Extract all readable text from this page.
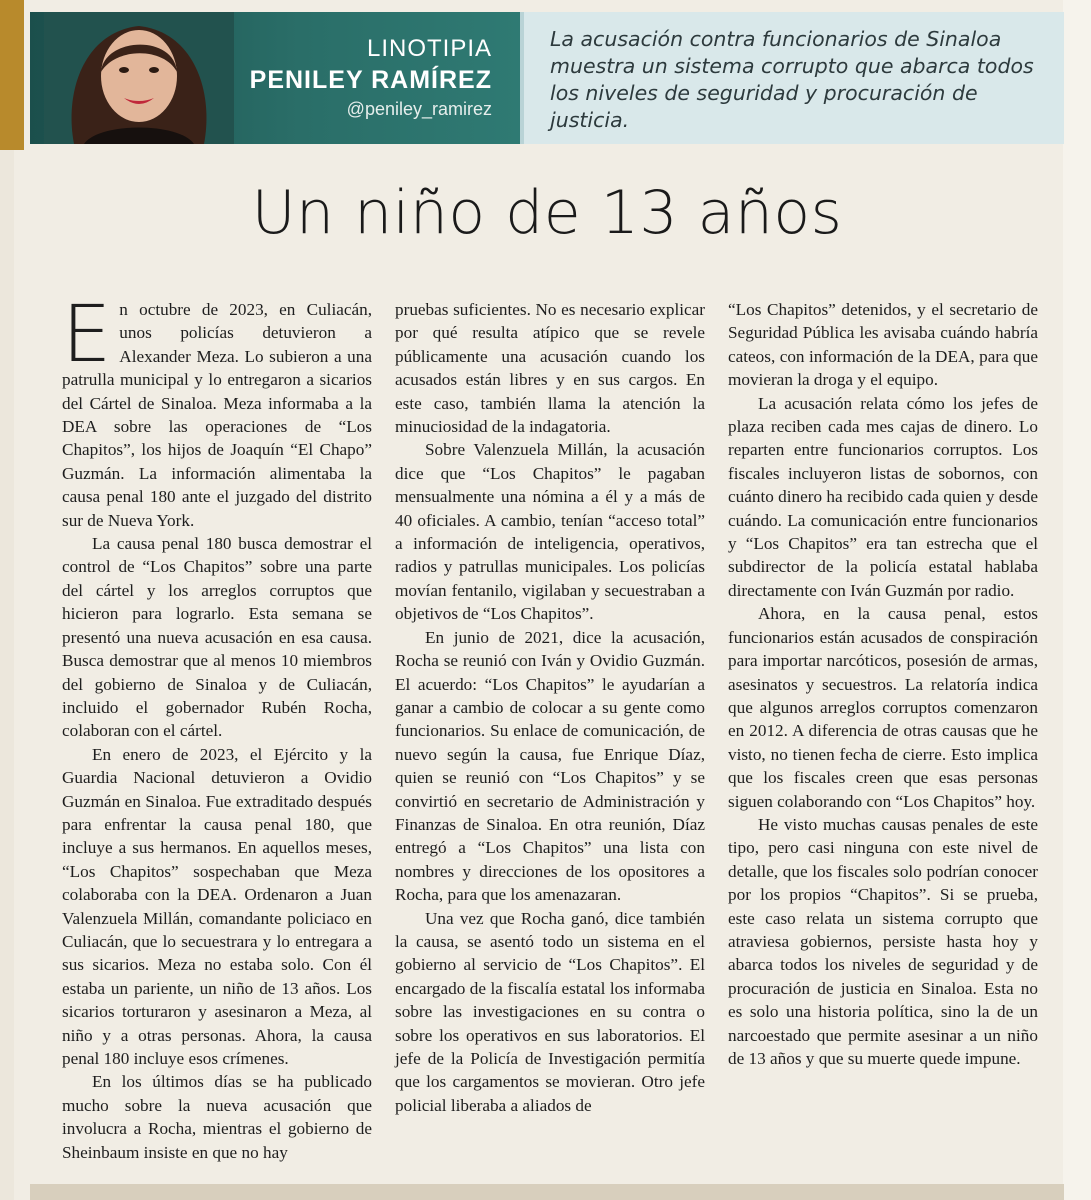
LINOTIPIA
PENILEY RAMÍREZ
@peniley_ramirez
La acusación contra funcionarios de Sinaloa muestra un sistema corrupto que abarca todos los niveles de seguridad y procuración de justicia.
Un niño de 13 años

En octubre de 2023, en Culiacán, unos policías detuvieron a Alexander Meza. Lo subieron a una patrulla municipal y lo entregaron a sicarios del Cártel de Sinaloa. Meza informaba a la DEA sobre las operaciones de “Los Chapitos”, los hijos de Joaquín “El Chapo” Guzmán. La información alimentaba la causa penal 180 ante el juzgado del distrito sur de Nueva York.

La causa penal 180 busca demostrar el control de “Los Chapitos” sobre una parte del cártel y los arreglos corruptos que hicieron para lograrlo. Esta semana se presentó una nueva acusación en esa causa. Busca demostrar que al menos 10 miembros del gobierno de Sinaloa y de Culiacán, incluido el gobernador Rubén Rocha, colaboran con el cártel.

En enero de 2023, el Ejército y la Guardia Nacional detuvieron a Ovidio Guzmán en Sinaloa. Fue extraditado después para enfrentar la causa penal 180, que incluye a sus hermanos. En aquellos meses, “Los Chapitos” sospechaban que Meza colaboraba con la DEA. Ordenaron a Juan Valenzuela Millán, comandante policiaco en Culiacán, que lo secuestrara y lo entregara a sus sicarios. Meza no estaba solo. Con él estaba un pariente, un niño de 13 años. Los sicarios torturaron y asesinaron a Meza, al niño y a otras personas. Ahora, la causa penal 180 incluye esos crímenes.

En los últimos días se ha publicado mucho sobre la nueva acusación que involucra a Rocha, mientras el gobierno de Sheinbaum insiste en que no hay

pruebas suficientes. No es necesario explicar por qué resulta atípico que se revele públicamente una acusación cuando los acusados están libres y en sus cargos. En este caso, también llama la atención la minuciosidad de la indagatoria.

Sobre Valenzuela Millán, la acusación dice que “Los Chapitos” le pagaban mensualmente una nómina a él y a más de 40 oficiales. A cambio, tenían “acceso total” a información de inteligencia, operativos, radios y patrullas municipales. Los policías movían fentanilo, vigilaban y secuestraban a objetivos de “Los Chapitos”.

En junio de 2021, dice la acusación, Rocha se reunió con Iván y Ovidio Guzmán. El acuerdo: “Los Chapitos” le ayudarían a ganar a cambio de colocar a su gente como funcionarios. Su enlace de comunicación, de nuevo según la causa, fue Enrique Díaz, quien se reunió con “Los Chapitos” y se convirtió en secretario de Administración y Finanzas de Sinaloa. En otra reunión, Díaz entregó a “Los Chapitos” una lista con nombres y direcciones de los opositores a Rocha, para que los amenazaran.

Una vez que Rocha ganó, dice también la causa, se asentó todo un sistema en el gobierno al servicio de “Los Chapitos”. El encargado de la fiscalía estatal los informaba sobre las investigaciones en su contra o sobre los operativos en sus laboratorios. El jefe de la Policía de Investigación permitía que los cargamentos se movieran. Otro jefe policial liberaba a aliados de

“Los Chapitos” detenidos, y el secretario de Seguridad Pública les avisaba cuándo habría cateos, con información de la DEA, para que movieran la droga y el equipo.

La acusación relata cómo los jefes de plaza reciben cada mes cajas de dinero. Lo reparten entre funcionarios corruptos. Los fiscales incluyeron listas de sobornos, con cuánto dinero ha recibido cada quien y desde cuándo. La comunicación entre funcionarios y “Los Chapitos” era tan estrecha que el subdirector de la policía estatal hablaba directamente con Iván Guzmán por radio.

Ahora, en la causa penal, estos funcionarios están acusados de conspiración para importar narcóticos, posesión de armas, asesinatos y secuestros. La relatoría indica que algunos arreglos corruptos comenzaron en 2012. A diferencia de otras causas que he visto, no tienen fecha de cierre. Esto implica que los fiscales creen que esas personas siguen colaborando con “Los Chapitos” hoy.

He visto muchas causas penales de este tipo, pero casi ninguna con este nivel de detalle, que los fiscales solo podrían conocer por los propios “Chapitos”. Si se prueba, este caso relata un sistema corrupto que atraviesa gobiernos, persiste hasta hoy y abarca todos los niveles de seguridad y de procuración de justicia en Sinaloa. Esta no es solo una historia política, sino la de un narcoestado que permite asesinar a un niño de 13 años y que su muerte quede impune.
